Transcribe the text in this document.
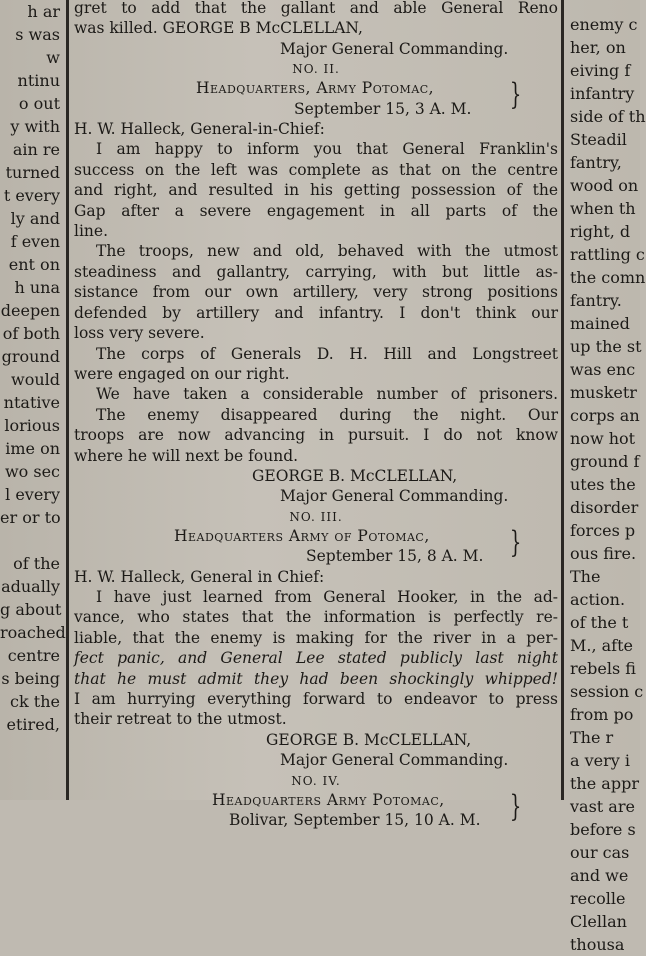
h ar
s was
w
ntinu
o out
y with
ain re
turned
t every
ly and
f even
ent on
h una
deepen
of both
ground
would
ntative
lorious
ime on
wo sec
l every
er or to
of the
adually
g about
roached
centre
s being
ck the
etired,
gret to add that the gallant and able General Reno
was killed. GEORGE B McCLELLAN,
Major General Commanding.
NO. II.
Headquarters, Army Potomac,	}
September 15, 3 A. M.
H. W. Halleck, General-in-Chief:
I am happy to inform you that General Franklin's
success on the left was complete as that on the centre
and right, and resulted in his getting possession of the
Gap after a severe engagement in all parts of the
line.
The troops, new and old, behaved with the utmost
steadiness and gallantry, carrying, with but little as-
sistance from our own artillery, very strong positions
defended by artillery and infantry. I don't think our
loss very severe.
The corps of Generals D. H. Hill and Longstreet
were engaged on our right.
We have taken a considerable number of prisoners.
The enemy disappeared during the night. Our
troops are now advancing in pursuit. I do not know
where he will next be found.
GEORGE B. McCLELLAN,
Major General Commanding.
NO. III.
Headquarters Army of Potomac,	}
September 15, 8 A. M.
H. W. Halleck, General in Chief:
I have just learned from General Hooker, in the ad-
vance, who states that the information is perfectly re-
liable, that the enemy is making for the river in a per-
fect panic, and General Lee stated publicly last night
that he must admit they had been shockingly whipped!
I am hurrying everything forward to endeavor to press
their retreat to the utmost.
GEORGE B. McCLELLAN,
Major General Commanding.
NO. IV.
Headquarters Army Potomac, }
Bolivar, September 15, 10 A. M.
enemy c
her, on
eiving f
infantry
side of th
Steadil
fantry,
wood on
when th
right, d
rattling c
the comn
fantry.
mained
up the st
was enc
musketr
corps an
now hot
ground f
utes the
disorder
forces p
ous fire.
The
action.
of the t
M., afte
rebels fi
session c
from po
The r
a very i
the appr
vast are
before s
our cas
and we
recolle
Clellan
thousa
